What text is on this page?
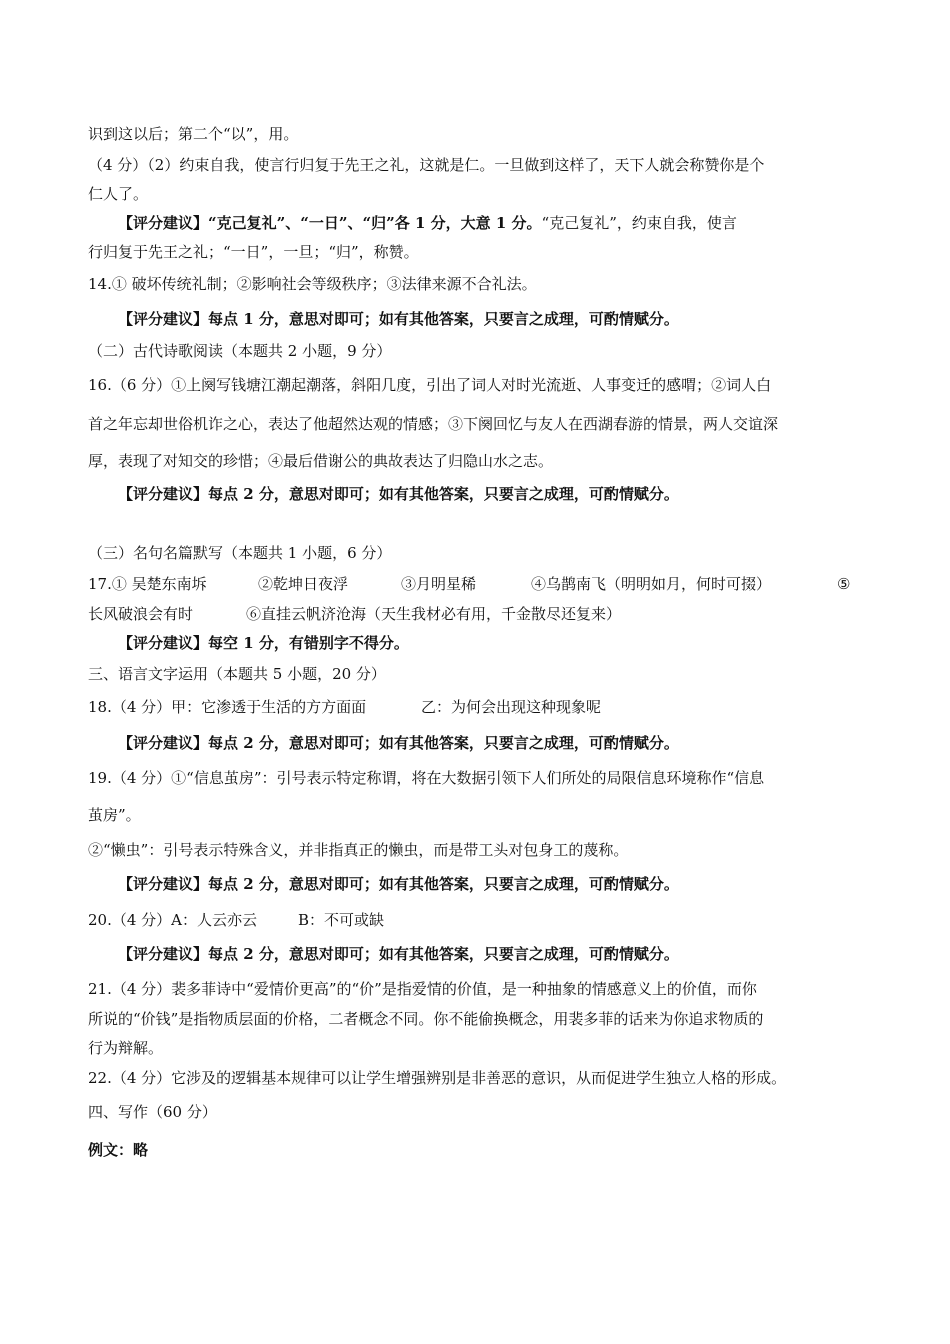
识到这以后；第二个“以”，用。
（4 分）（2）约束自我，使言行归复于先王之礼，这就是仁。一旦做到这样了，天下人就会称赞你是个
仁人了。
【评分建议】“克己复礼”、“一日”、“归”各 1 分，大意 1 分。“克己复礼”，约束自我，使言
行归复于先王之礼；“一日”，一旦；“归”，称赞。
14.① 破坏传统礼制；②影响社会等级秩序；③法律来源不合礼法。
【评分建议】每点 1 分，意思对即可；如有其他答案，只要言之成理，可酌情赋分。
（二）古代诗歌阅读（本题共 2 小题，9 分）
16.（6 分）①上阕写钱塘江潮起潮落，斜阳几度，引出了词人对时光流逝、人事变迁的感喟；②词人白
首之年忘却世俗机诈之心，表达了他超然达观的情感；③下阕回忆与友人在西湖春游的情景，两人交谊深
厚，表现了对知交的珍惜；④最后借谢公的典故表达了归隐山水之志。
【评分建议】每点 2 分，意思对即可；如有其他答案，只要言之成理，可酌情赋分。
（三）名句名篇默写（本题共 1 小题，6 分）
17.① 吴楚东南坼	②乾坤日夜浮	③月明星稀	④乌鹊南飞（明明如月，何时可掇）	⑤
长风破浪会有时	⑥直挂云帆济沧海（天生我材必有用，千金散尽还复来）
【评分建议】每空 1 分，有错别字不得分。
三、语言文字运用（本题共 5 小题，20 分）
18.（4 分）甲：它渗透于生活的方方面面	乙：为何会出现这种现象呢
【评分建议】每点 2 分，意思对即可；如有其他答案，只要言之成理，可酌情赋分。
19.（4 分）①“信息茧房”：引号表示特定称谓，将在大数据引领下人们所处的局限信息环境称作“信息
茧房”。
②“懒虫”：引号表示特殊含义，并非指真正的懒虫，而是带工头对包身工的蔑称。
【评分建议】每点 2 分，意思对即可；如有其他答案，只要言之成理，可酌情赋分。
20.（4 分）A：人云亦云	B：不可或缺
【评分建议】每点 2 分，意思对即可；如有其他答案，只要言之成理，可酌情赋分。
21.（4 分）裴多菲诗中“爱情价更高”的“价”是指爱情的价值，是一种抽象的情感意义上的价值，而你
所说的“价钱”是指物质层面的价格，二者概念不同。你不能偷换概念，用裴多菲的话来为你追求物质的
行为辩解。
22.（4 分）它涉及的逻辑基本规律可以让学生增强辨别是非善恶的意识，从而促进学生独立人格的形成。
四、写作（60 分）
例文：略
